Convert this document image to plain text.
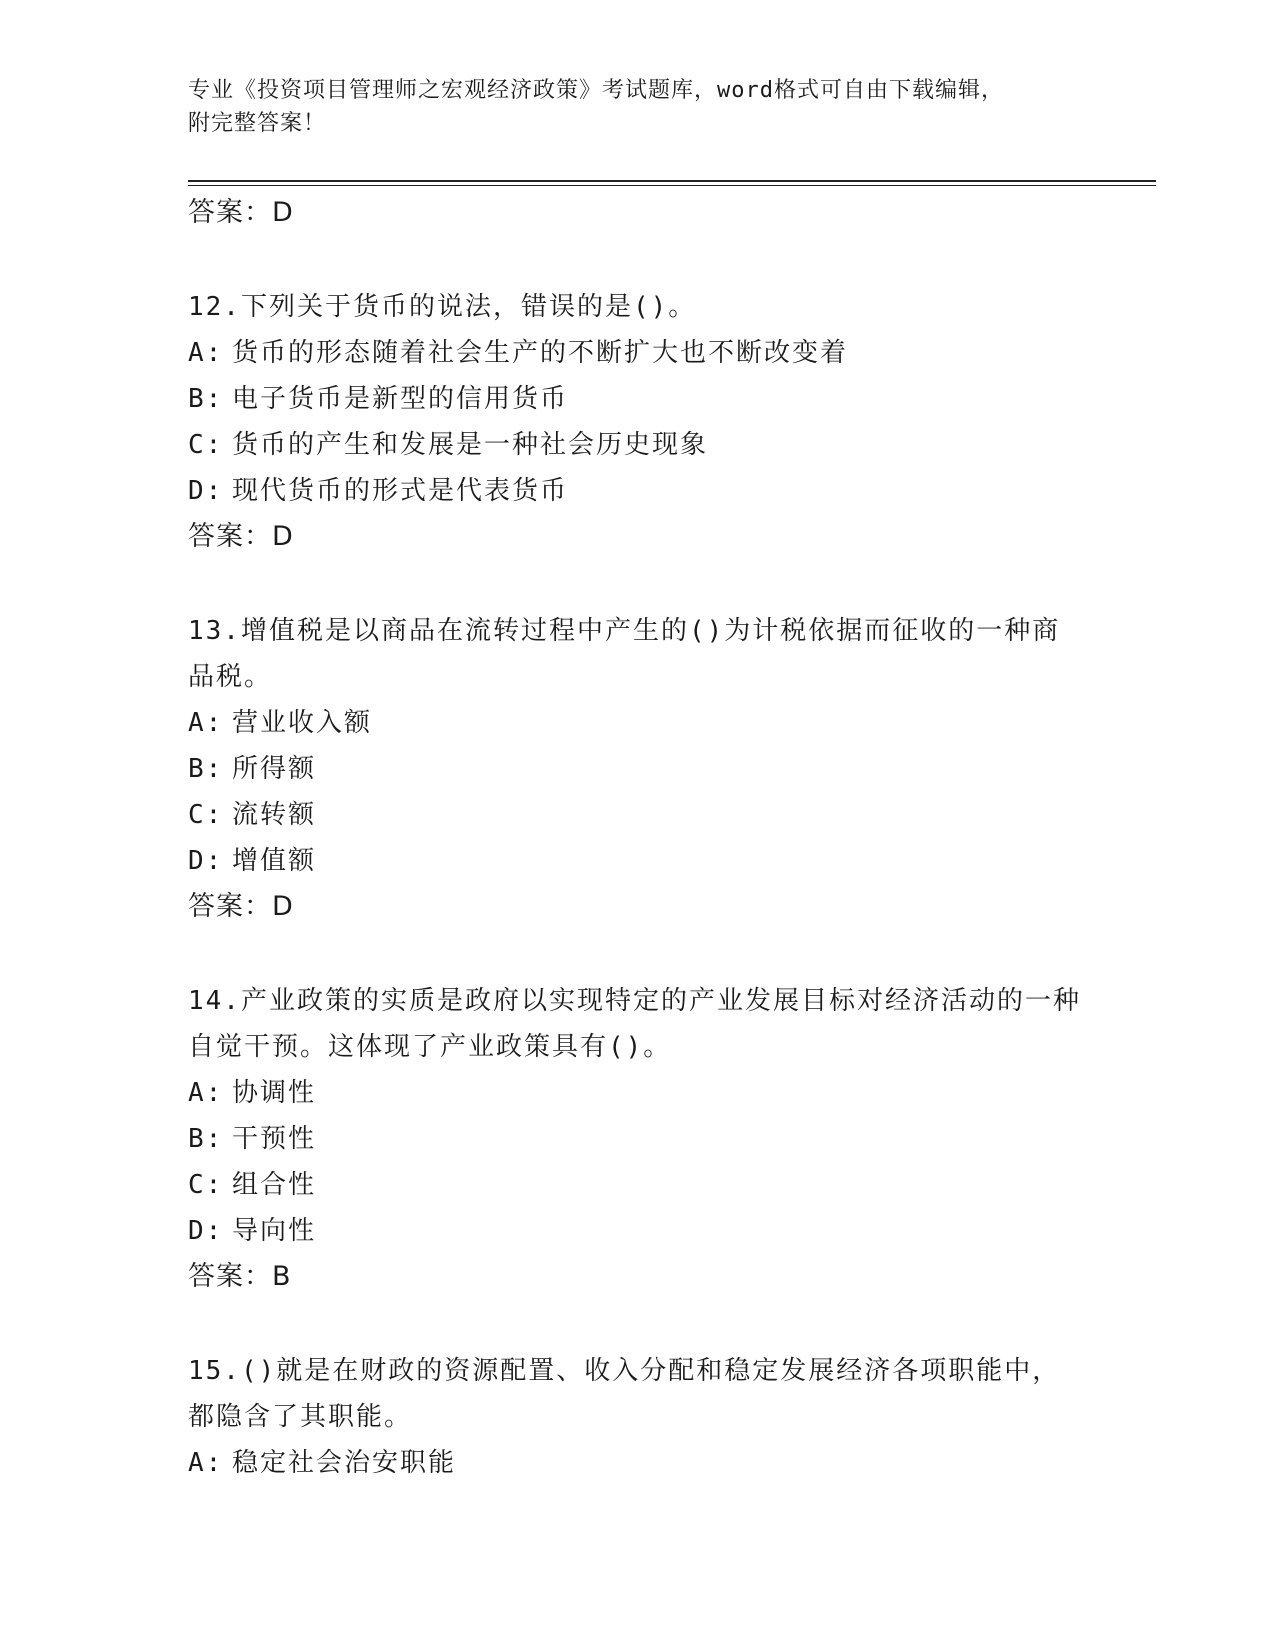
专业《投资项目管理师之宏观经济政策》考试题库，word格式可自由下载编辑，
附完整答案！
答案：D
12.下列关于货币的说法，错误的是()。
A: 货币的形态随着社会生产的不断扩大也不断改变着
B: 电子货币是新型的信用货币
C: 货币的产生和发展是一种社会历史现象
D: 现代货币的形式是代表货币
答案：D
13.增值税是以商品在流转过程中产生的()为计税依据而征收的一种商品税。
A: 营业收入额
B: 所得额
C: 流转额
D: 增值额
答案：D
14.产业政策的实质是政府以实现特定的产业发展目标对经济活动的一种自觉干预。这体现了产业政策具有()。
A: 协调性
B: 干预性
C: 组合性
D: 导向性
答案：B
15.()就是在财政的资源配置、收入分配和稳定发展经济各项职能中，都隐含了其职能。
A: 稳定社会治安职能
